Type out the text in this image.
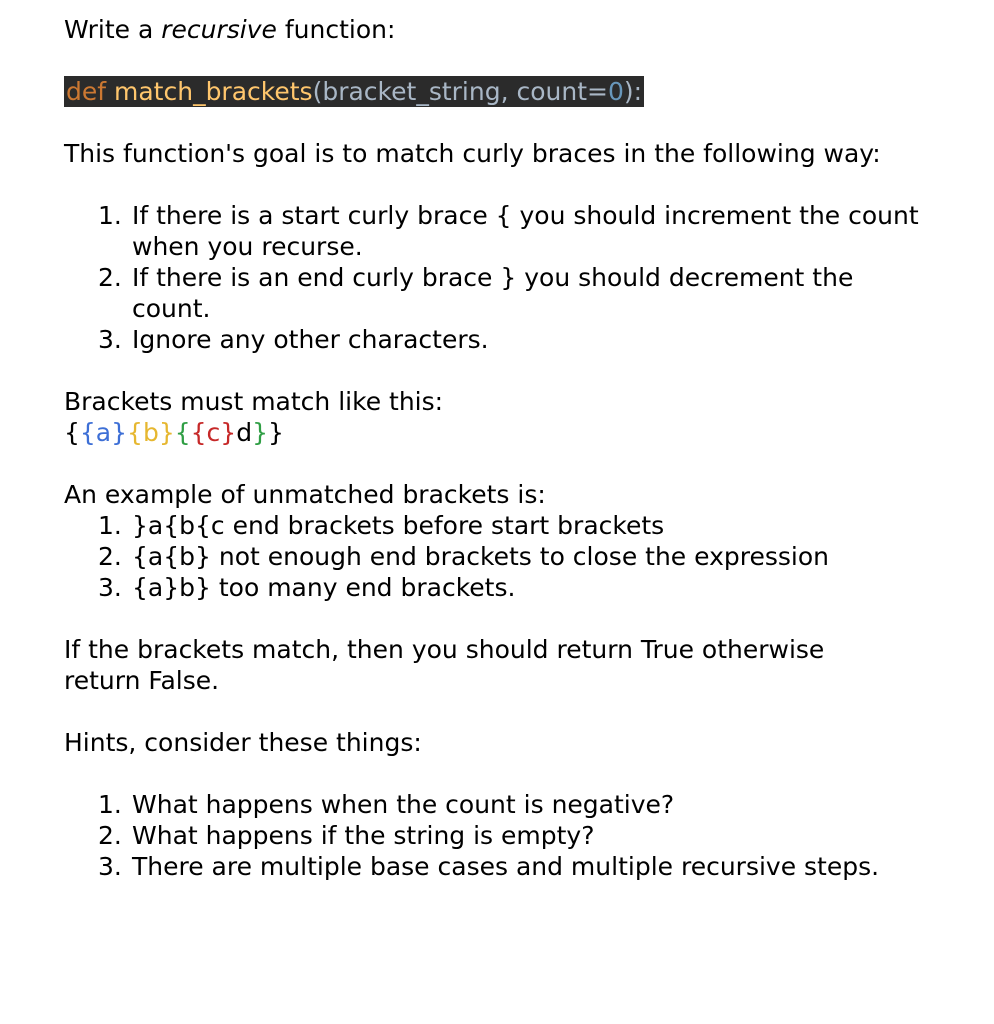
Write a recursive function:

def match_brackets(bracket_string, count=0):

This function's goal is to match curly braces in the following way:

1. If there is a start curly brace { you should increment the count
when you recurse.
2. If there is an end curly brace } you should decrement the
count.
3. Ignore any other characters.

Brackets must match like this:

{{a}{b}{{c}d}}

An example of unmatched brackets is:

1. }a{b{c end brackets before start brackets
2. {a{b} not enough end brackets to close the expression
3. {a}b} too many end brackets.

If the brackets match, then you should return True otherwise
return False.

Hints, consider these things:

1. What happens when the count is negative?
2. What happens if the string is empty?
3. There are multiple base cases and multiple recursive steps.
